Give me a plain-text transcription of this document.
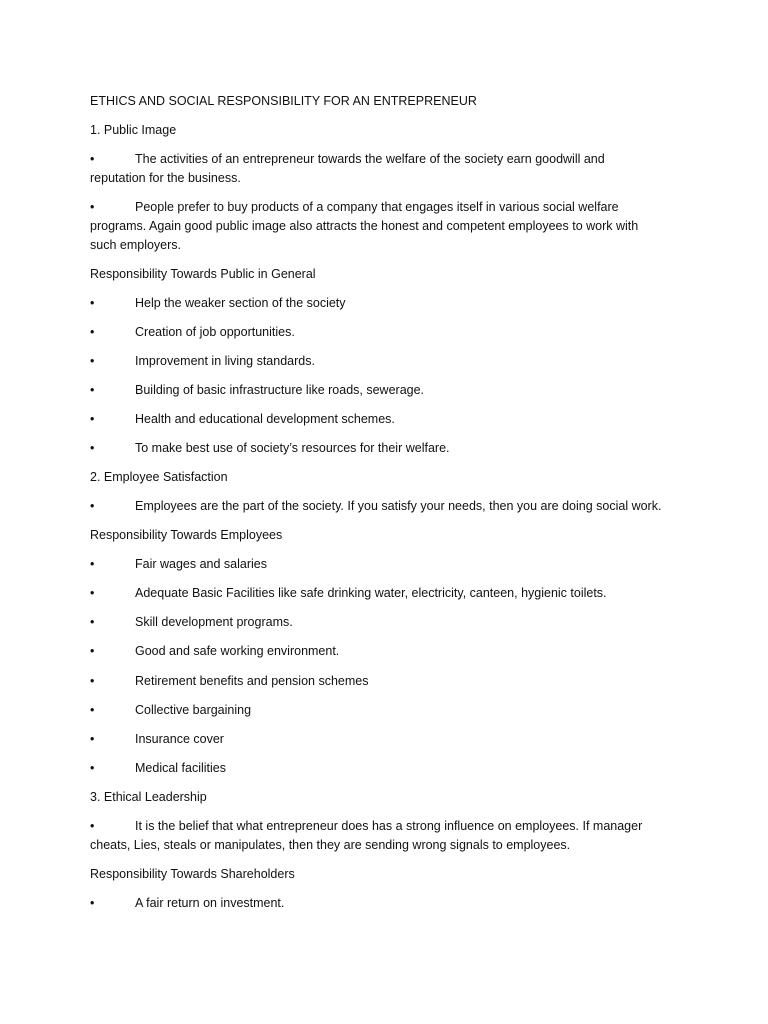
ETHICS AND SOCIAL RESPONSIBILITY FOR AN ENTREPRENEUR

1. Public Image

•	The activities of an entrepreneur towards the welfare of the society earn goodwill and
reputation for the business.
•	People prefer to buy products of a company that engages itself in various social welfare
programs. Again good public image also attracts the honest and competent employees to work with
such employers.

Responsibility Towards Public in General

•	Help the weaker section of the society
•	Creation of job opportunities.
•	Improvement in living standards.
•	Building of basic infrastructure like roads, sewerage.
•	Health and educational development schemes.
•	To make best use of society’s resources for their welfare.

2. Employee Satisfaction

•	Employees are the part of the society. If you satisfy your needs, then you are doing social work.

Responsibility Towards Employees

•	Fair wages and salaries
•	Adequate Basic Facilities like safe drinking water, electricity, canteen, hygienic toilets.
•	Skill development programs.
•	Good and safe working environment.
•	Retirement benefits and pension schemes
•	Collective bargaining
•	Insurance cover
•	Medical facilities

3. Ethical Leadership

•	It is the belief that what entrepreneur does has a strong influence on employees. If manager
cheats, Lies, steals or manipulates, then they are sending wrong signals to employees.

Responsibility Towards Shareholders

•	A fair return on investment.
